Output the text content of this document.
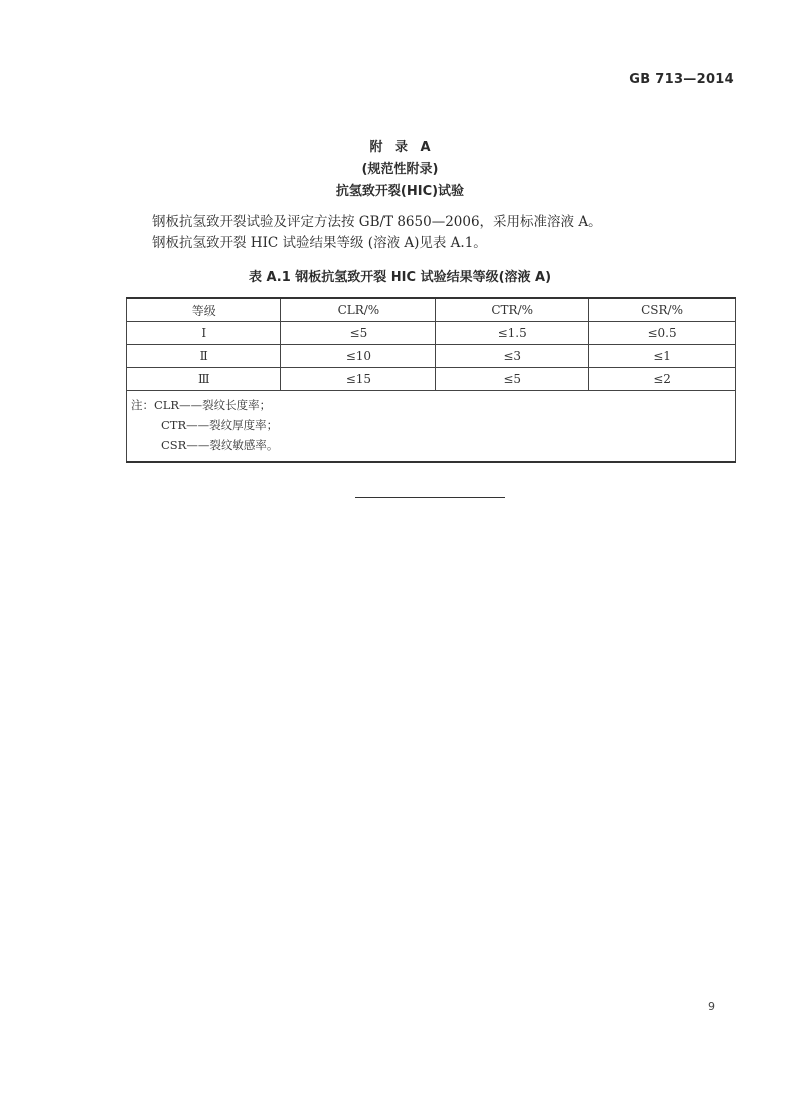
GB 713—2014
附 录 A
(规范性附录)
抗氢致开裂(HIC)试验
钢板抗氢致开裂试验及评定方法按 GB/T 8650—2006，采用标准溶液 A。
钢板抗氢致开裂 HIC 试验结果等级 (溶液 A)见表 A.1。
表 A.1 钢板抗氢致开裂 HIC 试验结果等级(溶液 A)
等级	CLR/%	CTR/%	CSR/%
Ⅰ	≤5	≤1.5	≤0.5
Ⅱ	≤10	≤3	≤1
Ⅲ	≤15	≤5	≤2

注：CLR——裂纹长度率；
CTR——裂纹厚度率；
CSR——裂纹敏感率。			
9
